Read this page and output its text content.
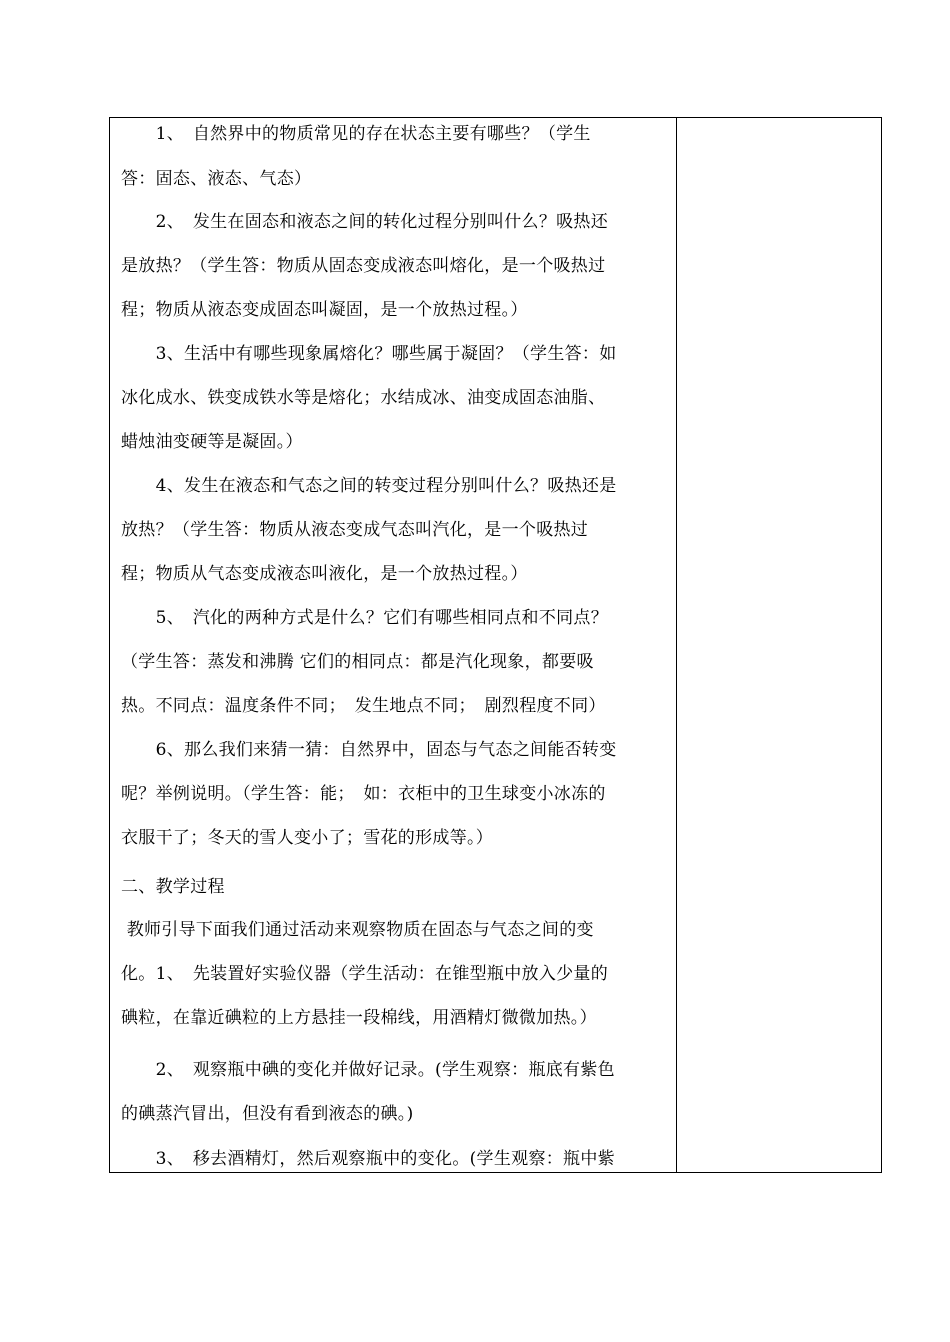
　　1、　自然界中的物质常见的存在状态主要有哪些？（学生
答：固态、液态、气态）
　　2、　发生在固态和液态之间的转化过程分别叫什么？吸热还
是放热？（学生答：物质从固态变成液态叫熔化，是一个吸热过
程；物质从液态变成固态叫凝固，是一个放热过程。）
　　3、生活中有哪些现象属熔化？哪些属于凝固？（学生答：如
冰化成水、铁变成铁水等是熔化；水结成冰、油变成固态油脂、
蜡烛油变硬等是凝固。）
　　4、发生在液态和气态之间的转变过程分别叫什么？吸热还是
放热？（学生答：物质从液态变成气态叫汽化，是一个吸热过
程；物质从气态变成液态叫液化，是一个放热过程。）
　　5、　汽化的两种方式是什么？它们有哪些相同点和不同点？
（学生答：蒸发和沸腾 它们的相同点：都是汽化现象，都要吸
热。不同点：温度条件不同；　发生地点不同；　剧烈程度不同）
　　6、那么我们来猜一猜：自然界中，固态与气态之间能否转变
呢？举例说明。（学生答：能；　如：衣柜中的卫生球变小冰冻的
衣服干了；冬天的雪人变小了；雪花的形成等。）
二、教学过程
教师引导下面我们通过活动来观察物质在固态与气态之间的变
化。1、　先装置好实验仪器（学生活动：在锥型瓶中放入少量的
碘粒，在靠近碘粒的上方悬挂一段棉线，用酒精灯微微加热。）
　　2、　观察瓶中碘的变化并做好记录。(学生观察：瓶底有紫色
的碘蒸汽冒出，但没有看到液态的碘。)
　　3、　移去酒精灯，然后观察瓶中的变化。(学生观察：瓶中紫
